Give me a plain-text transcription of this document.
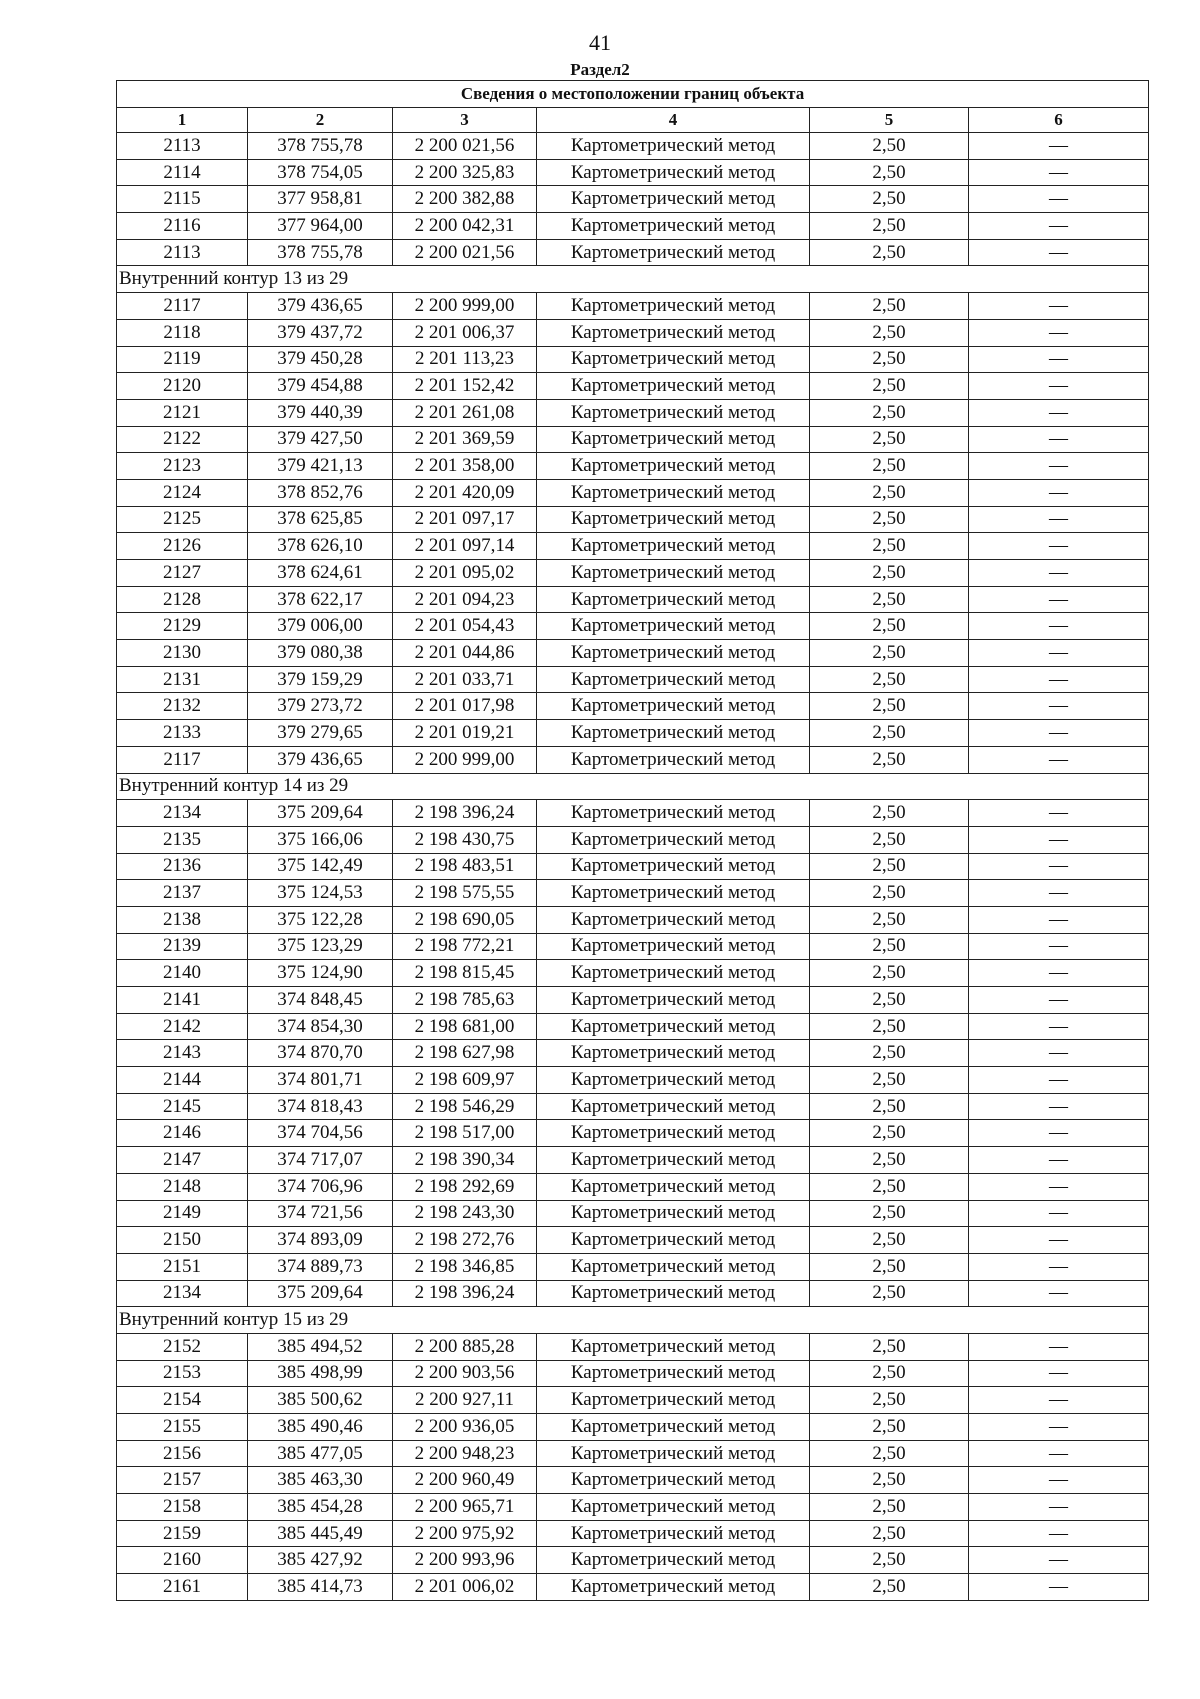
41
Раздел2
Сведения о местоположении границ объекта					
1	2	3	4	5	6
2113	378 755,78	2 200 021,56	Картометрический метод	2,50	—
2114	378 754,05	2 200 325,83	Картометрический метод	2,50	—
2115	377 958,81	2 200 382,88	Картометрический метод	2,50	—
2116	377 964,00	2 200 042,31	Картометрический метод	2,50	—
2113	378 755,78	2 200 021,56	Картометрический метод	2,50	—
Внутренний контур 13 из 29					
2117	379 436,65	2 200 999,00	Картометрический метод	2,50	—
2118	379 437,72	2 201 006,37	Картометрический метод	2,50	—
2119	379 450,28	2 201 113,23	Картометрический метод	2,50	—
2120	379 454,88	2 201 152,42	Картометрический метод	2,50	—
2121	379 440,39	2 201 261,08	Картометрический метод	2,50	—
2122	379 427,50	2 201 369,59	Картометрический метод	2,50	—
2123	379 421,13	2 201 358,00	Картометрический метод	2,50	—
2124	378 852,76	2 201 420,09	Картометрический метод	2,50	—
2125	378 625,85	2 201 097,17	Картометрический метод	2,50	—
2126	378 626,10	2 201 097,14	Картометрический метод	2,50	—
2127	378 624,61	2 201 095,02	Картометрический метод	2,50	—
2128	378 622,17	2 201 094,23	Картометрический метод	2,50	—
2129	379 006,00	2 201 054,43	Картометрический метод	2,50	—
2130	379 080,38	2 201 044,86	Картометрический метод	2,50	—
2131	379 159,29	2 201 033,71	Картометрический метод	2,50	—
2132	379 273,72	2 201 017,98	Картометрический метод	2,50	—
2133	379 279,65	2 201 019,21	Картометрический метод	2,50	—
2117	379 436,65	2 200 999,00	Картометрический метод	2,50	—
Внутренний контур 14 из 29					
2134	375 209,64	2 198 396,24	Картометрический метод	2,50	—
2135	375 166,06	2 198 430,75	Картометрический метод	2,50	—
2136	375 142,49	2 198 483,51	Картометрический метод	2,50	—
2137	375 124,53	2 198 575,55	Картометрический метод	2,50	—
2138	375 122,28	2 198 690,05	Картометрический метод	2,50	—
2139	375 123,29	2 198 772,21	Картометрический метод	2,50	—
2140	375 124,90	2 198 815,45	Картометрический метод	2,50	—
2141	374 848,45	2 198 785,63	Картометрический метод	2,50	—
2142	374 854,30	2 198 681,00	Картометрический метод	2,50	—
2143	374 870,70	2 198 627,98	Картометрический метод	2,50	—
2144	374 801,71	2 198 609,97	Картометрический метод	2,50	—
2145	374 818,43	2 198 546,29	Картометрический метод	2,50	—
2146	374 704,56	2 198 517,00	Картометрический метод	2,50	—
2147	374 717,07	2 198 390,34	Картометрический метод	2,50	—
2148	374 706,96	2 198 292,69	Картометрический метод	2,50	—
2149	374 721,56	2 198 243,30	Картометрический метод	2,50	—
2150	374 893,09	2 198 272,76	Картометрический метод	2,50	—
2151	374 889,73	2 198 346,85	Картометрический метод	2,50	—
2134	375 209,64	2 198 396,24	Картометрический метод	2,50	—
Внутренний контур 15 из 29					
2152	385 494,52	2 200 885,28	Картометрический метод	2,50	—
2153	385 498,99	2 200 903,56	Картометрический метод	2,50	—
2154	385 500,62	2 200 927,11	Картометрический метод	2,50	—
2155	385 490,46	2 200 936,05	Картометрический метод	2,50	—
2156	385 477,05	2 200 948,23	Картометрический метод	2,50	—
2157	385 463,30	2 200 960,49	Картометрический метод	2,50	—
2158	385 454,28	2 200 965,71	Картометрический метод	2,50	—
2159	385 445,49	2 200 975,92	Картометрический метод	2,50	—
2160	385 427,92	2 200 993,96	Картометрический метод	2,50	—
2161	385 414,73	2 201 006,02	Картометрический метод	2,50	—
